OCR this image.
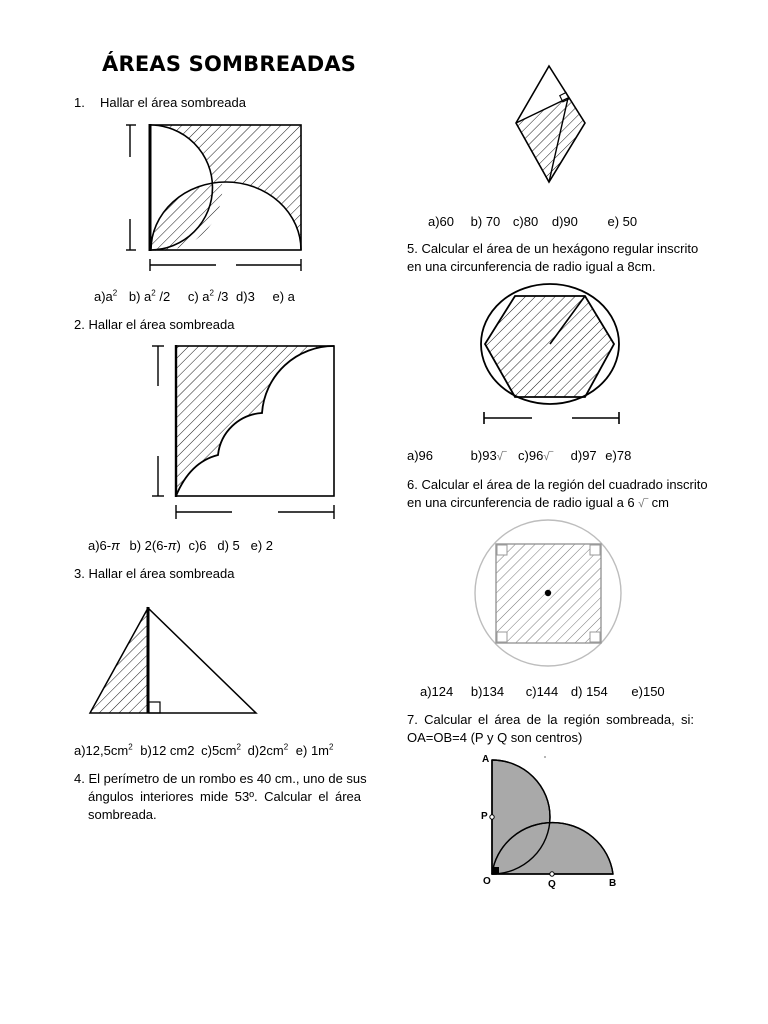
ÁREAS SOMBREADAS
1. Hallar el área sombreada
$a)a^2$ b) $a^2$ /2 c) $a^2$ /3 d)3 e) a
2. Hallar el área sombreada
a)6-π b) 2(6-π) c)6   d) 5   e) 2
3. Hallar el área sombreada
$a)12,5cm^2$ b)12 cm2 $c)5cm^2$ $d)2cm^2$ e) $1m^2$
4. El perímetro de un rombo es 40 cm., uno de sus
ángulos interiores mide 53º. Calcular el área
sombreada.
a)60 b) 70 c)80 d)90 e) 50
5. Calcular el área de un hexágono regular inscrito
en una circunferencia de radio igual a 8cm.
a)96	b)93√‾ c)96√‾ d)97 e)78
6. Calcular el área de la región del cuadrado inscrito
en una circunferencia de radio igual a 6 √‾ cm
a)124 b)134 c)144 d) 154 e)150
7. Calcular el área de la región sombreada, si:
OA=OB=4 (P y Q son centros)
A
P
O	Q	B
